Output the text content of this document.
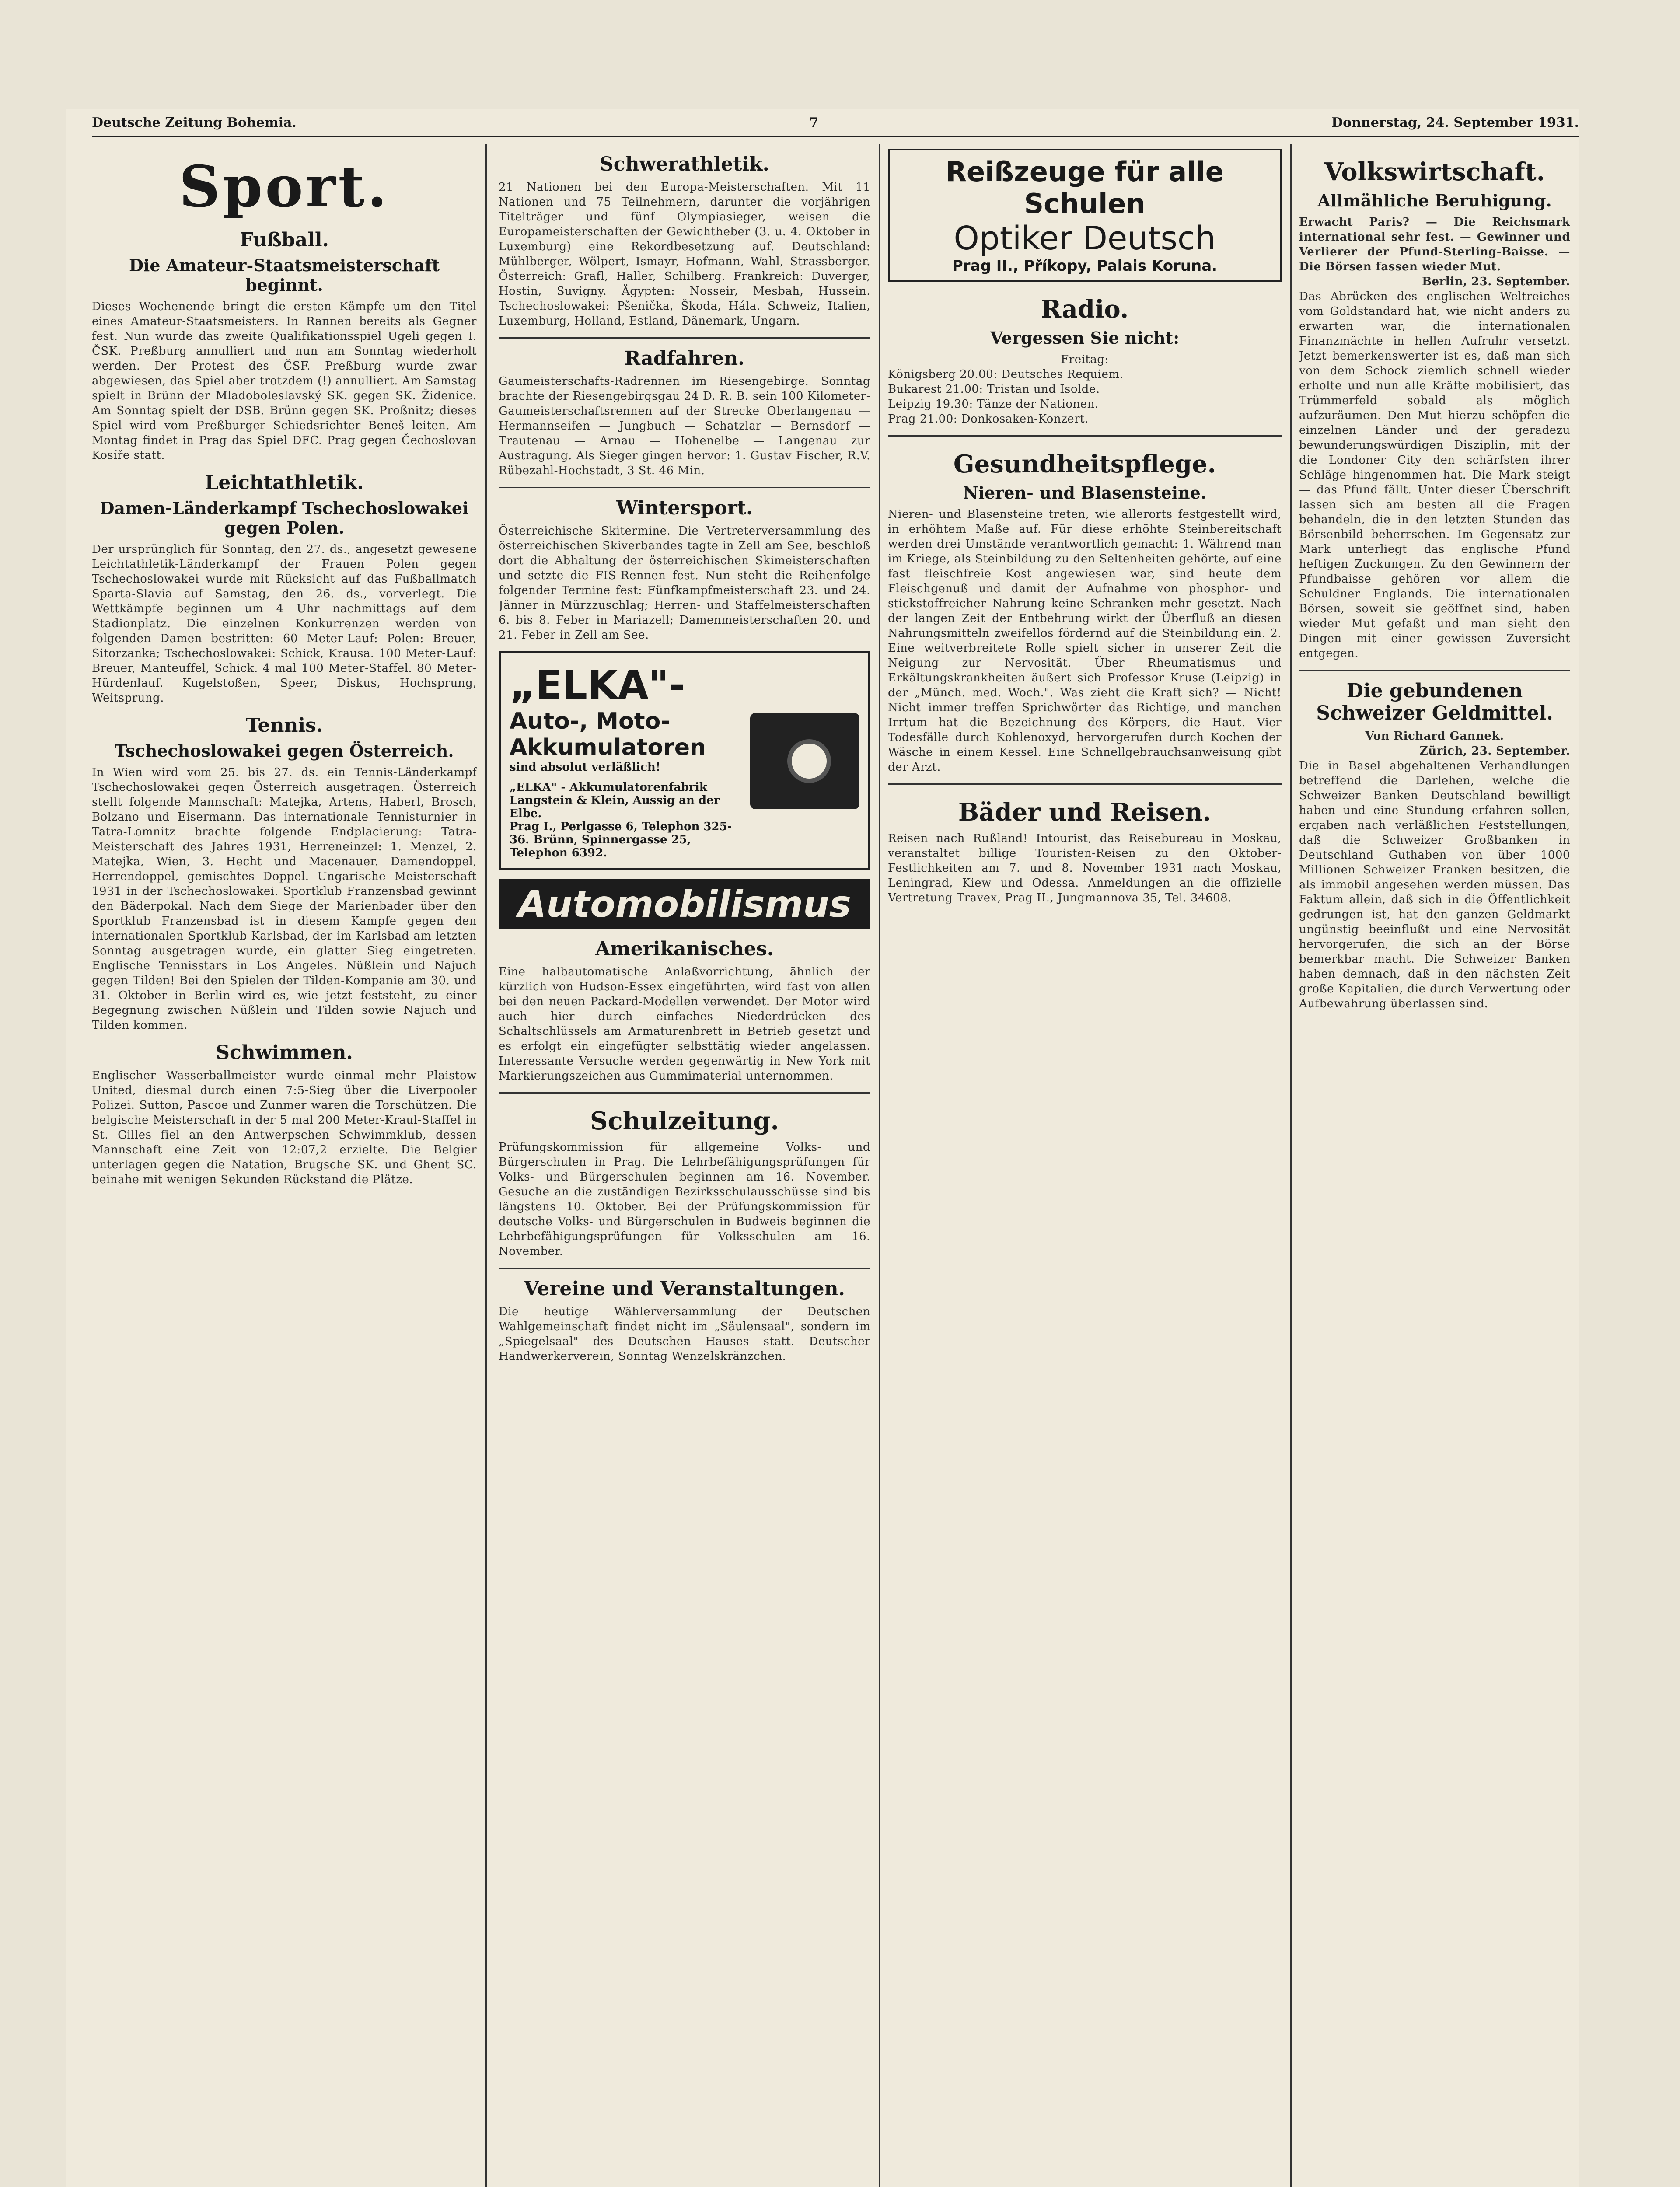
Deutsche Zeitung Bohemia.	7	Donnerstag, 24. September 1931.
Sport.
Fußball.
Die Amateur-Staatsmeisterschaft beginnt.
Dieses Wochenende bringt die ersten Kämpfe um den Titel eines Amateur-Staatsmeisters. In Rannen bereits als Gegner fest. Nun wurde das zweite Qualifikationsspiel Ugeli gegen I. ČSK. Preßburg annulliert und nun am Sonntag wiederholt werden. Der Protest des ČSF. Preßburg wurde zwar abgewiesen, das Spiel aber trotzdem (!) annulliert. Am Samstag spielt in Brünn der Mladoboleslavský SK. gegen SK. Židenice. Am Sonntag spielt der DSB. Brünn gegen SK. Proßnitz; dieses Spiel wird vom Preßburger Schiedsrichter Beneš leiten. Am Montag findet in Prag das Spiel DFC. Prag gegen Čechoslovan Kosíře statt.
Leichtathletik.
Damen-Länderkampf Tschechoslowakei gegen Polen.
Der ursprünglich für Sonntag, den 27. ds., angesetzt gewesene Leichtathletik-Länderkampf der Frauen Polen gegen Tschechoslowakei wurde mit Rücksicht auf das Fußballmatch Sparta-Slavia auf Samstag, den 26. ds., vorverlegt. Die Wettkämpfe beginnen um 4 Uhr nachmittags auf dem Stadionplatz. Die einzelnen Konkurrenzen werden von folgenden Damen bestritten: 60 Meter-Lauf: Polen: Breuer, Sitorzanka; Tschechoslowakei: Schick, Krausa. 100 Meter-Lauf: Breuer, Manteuffel, Schick. 4 mal 100 Meter-Staffel. 80 Meter-Hürdenlauf. Kugelstoßen, Speer, Diskus, Hochsprung, Weitsprung.
Tennis.
Tschechoslowakei gegen Österreich.
In Wien wird vom 25. bis 27. ds. ein Tennis-Länderkampf Tschechoslowakei gegen Österreich ausgetragen. Österreich stellt folgende Mannschaft: Matejka, Artens, Haberl, Brosch, Bolzano und Eisermann. Das internationale Tennisturnier in Tatra-Lomnitz brachte folgende Endplacierung: Tatra-Meisterschaft des Jahres 1931, Herreneinzel: 1. Menzel, 2. Matejka, Wien, 3. Hecht und Macenauer. Damendoppel, Herrendoppel, gemischtes Doppel. Ungarische Meisterschaft 1931 in der Tschechoslowakei. Sportklub Franzensbad gewinnt den Bäderpokal. Nach dem Siege der Marienbader über den Sportklub Franzensbad ist in diesem Kampfe gegen den internationalen Sportklub Karlsbad, der im Karlsbad am letzten Sonntag ausgetragen wurde, ein glatter Sieg eingetreten. Englische Tennisstars in Los Angeles. Nüßlein und Najuch gegen Tilden! Bei den Spielen der Tilden-Kompanie am 30. und 31. Oktober in Berlin wird es, wie jetzt feststeht, zu einer Begegnung zwischen Nüßlein und Tilden sowie Najuch und Tilden kommen.
Schwimmen.
Englischer Wasserballmeister wurde einmal mehr Plaistow United, diesmal durch einen 7:5-Sieg über die Liverpooler Polizei. Sutton, Pascoe und Zunmer waren die Torschützen. Die belgische Meisterschaft in der 5 mal 200 Meter-Kraul-Staffel in St. Gilles fiel an den Antwerpschen Schwimmklub, dessen Mannschaft eine Zeit von 12:07,2 erzielte. Die Belgier unterlagen gegen die Natation, Brugsche SK. und Ghent SC. beinahe mit wenigen Sekunden Rückstand die Plätze.
Schwerathletik.
21 Nationen bei den Europa-Meisterschaften. Mit 11 Nationen und 75 Teilnehmern, darunter die vorjährigen Titelträger und fünf Olympiasieger, weisen die Europameisterschaften der Gewichtheber (3. u. 4. Oktober in Luxemburg) eine Rekordbesetzung auf. Deutschland: Mühlberger, Wölpert, Ismayr, Hofmann, Wahl, Strassberger. Österreich: Grafl, Haller, Schilberg. Frankreich: Duverger, Hostin, Suvigny. Ägypten: Nosseir, Mesbah, Hussein. Tschechoslowakei: Pšenička, Škoda, Hála. Schweiz, Italien, Luxemburg, Holland, Estland, Dänemark, Ungarn.
Radfahren.
Gaumeisterschafts-Radrennen im Riesengebirge. Sonntag brachte der Riesengebirgsgau 24 D. R. B. sein 100 Kilometer-Gaumeisterschaftsrennen auf der Strecke Oberlangenau — Hermannseifen — Jungbuch — Schatzlar — Bernsdorf — Trautenau — Arnau — Hohenelbe — Langenau zur Austragung. Als Sieger gingen hervor: 1. Gustav Fischer, R.V. Rübezahl-Hochstadt, 3 St. 46 Min.
Wintersport.
Österreichische Skitermine. Die Vertreterversammlung des österreichischen Skiverbandes tagte in Zell am See, beschloß dort die Abhaltung der österreichischen Skimeisterschaften und setzte die FIS-Rennen fest. Nun steht die Reihenfolge folgender Termine fest: Fünfkampfmeisterschaft 23. und 24. Jänner in Mürzzuschlag; Herren- und Staffelmeisterschaften 6. bis 8. Feber in Mariazell; Damenmeisterschaften 20. und 21. Feber in Zell am See.
„ELKA"-
Auto-, Moto-Akkumulatoren
sind absolut verläßlich!
„ELKA" - Akkumulatorenfabrik
Langstein & Klein, Aussig an der Elbe.
Prag I., Perlgasse 6, Telephon 325-36. Brünn, Spinnergasse 25, Telephon 6392.
Automobilismus
Amerikanisches.
Eine halbautomatische Anlaßvorrichtung, ähnlich der kürzlich von Hudson-Essex eingeführten, wird fast von allen bei den neuen Packard-Modellen verwendet. Der Motor wird auch hier durch einfaches Niederdrücken des Schaltschlüssels am Armaturenbrett in Betrieb gesetzt und es erfolgt ein eingefügter selbsttätig wieder angelassen. Interessante Versuche werden gegenwärtig in New York mit Markierungszeichen aus Gummimaterial unternommen.
Schulzeitung.
Prüfungskommission für allgemeine Volks- und Bürgerschulen in Prag. Die Lehrbefähigungsprüfungen für Volks- und Bürgerschulen beginnen am 16. November. Gesuche an die zuständigen Bezirksschulausschüsse sind bis längstens 10. Oktober. Bei der Prüfungskommission für deutsche Volks- und Bürgerschulen in Budweis beginnen die Lehrbefähigungsprüfungen für Volksschulen am 16. November.
Vereine und Veranstaltungen.
Die heutige Wählerversammlung der Deutschen Wahlgemeinschaft findet nicht im „Säulensaal", sondern im „Spiegelsaal" des Deutschen Hauses statt. Deutscher Handwerkerverein, Sonntag Wenzelskränzchen.
Reißzeuge für alle Schulen
Optiker Deutsch
Prag II., Příkopy, Palais Koruna.
Radio.
Vergessen Sie nicht:
Freitag:
Königsberg 20.00: Deutsches Requiem.
Bukarest 21.00: Tristan und Isolde.
Leipzig 19.30: Tänze der Nationen.
Prag 21.00: Donkosaken-Konzert.
Gesundheitspflege.
Nieren- und Blasensteine.
Nieren- und Blasensteine treten, wie allerorts festgestellt wird, in erhöhtem Maße auf. Für diese erhöhte Steinbereitschaft werden drei Umstände verantwortlich gemacht: 1. Während man im Kriege, als Steinbildung zu den Seltenheiten gehörte, auf eine fast fleischfreie Kost angewiesen war, sind heute dem Fleischgenuß und damit der Aufnahme von phosphor- und stickstoffreicher Nahrung keine Schranken mehr gesetzt. Nach der langen Zeit der Entbehrung wirkt der Überfluß an diesen Nahrungsmitteln zweifellos fördernd auf die Steinbildung ein. 2. Eine weitverbreitete Rolle spielt sicher in unserer Zeit die Neigung zur Nervosität. Über Rheumatismus und Erkältungskrankheiten äußert sich Professor Kruse (Leipzig) in der „Münch. med. Woch.". Was zieht die Kraft sich? — Nicht! Nicht immer treffen Sprichwörter das Richtige, und manchen Irrtum hat die Bezeichnung des Körpers, die Haut. Vier Todesfälle durch Kohlenoxyd, hervorgerufen durch Kochen der Wäsche in einem Kessel. Eine Schnellgebrauchsanweisung gibt der Arzt.
Bäder und Reisen.
Reisen nach Rußland! Intourist, das Reisebureau in Moskau, veranstaltet billige Touristen-Reisen zu den Oktober-Festlichkeiten am 7. und 8. November 1931 nach Moskau, Leningrad, Kiew und Odessa. Anmeldungen an die offizielle Vertretung Travex, Prag II., Jungmannova 35, Tel. 34608.
Volkswirtschaft.
Allmähliche Beruhigung.
Erwacht Paris? — Die Reichsmark international sehr fest. — Gewinner und Verlierer der Pfund-Sterling-Baisse. — Die Börsen fassen wieder Mut.
Berlin, 23. September.
Das Abrücken des englischen Weltreiches vom Goldstandard hat, wie nicht anders zu erwarten war, die internationalen Finanzmächte in hellen Aufruhr versetzt. Jetzt bemerkenswerter ist es, daß man sich von dem Schock ziemlich schnell wieder erholte und nun alle Kräfte mobilisiert, das Trümmerfeld sobald als möglich aufzuräumen. Den Mut hierzu schöpfen die einzelnen Länder und der geradezu bewunderungswürdigen Disziplin, mit der die Londoner City den schärfsten ihrer Schläge hingenommen hat. Die Mark steigt — das Pfund fällt. Unter dieser Überschrift lassen sich am besten all die Fragen behandeln, die in den letzten Stunden das Börsenbild beherrschen. Im Gegensatz zur Mark unterliegt das englische Pfund heftigen Zuckungen. Zu den Gewinnern der Pfundbaisse gehören vor allem die Schuldner Englands. Die internationalen Börsen, soweit sie geöffnet sind, haben wieder Mut gefaßt und man sieht den Dingen mit einer gewissen Zuversicht entgegen.
Die gebundenen Schweizer Geldmittel.
Von Richard Gannek.
Zürich, 23. September.
Die in Basel abgehaltenen Verhandlungen betreffend die Darlehen, welche die Schweizer Banken Deutschland bewilligt haben und eine Stundung erfahren sollen, ergaben nach verläßlichen Feststellungen, daß die Schweizer Großbanken in Deutschland Guthaben von über 1000 Millionen Schweizer Franken besitzen, die als immobil angesehen werden müssen. Das Faktum allein, daß sich in die Öffentlichkeit gedrungen ist, hat den ganzen Geldmarkt ungünstig beeinflußt und eine Nervosität hervorgerufen, die sich an der Börse bemerkbar macht. Die Schweizer Banken haben demnach, daß in den nächsten Zeit große Kapitalien, die durch Verwertung oder Aufbewahrung überlassen sind.
